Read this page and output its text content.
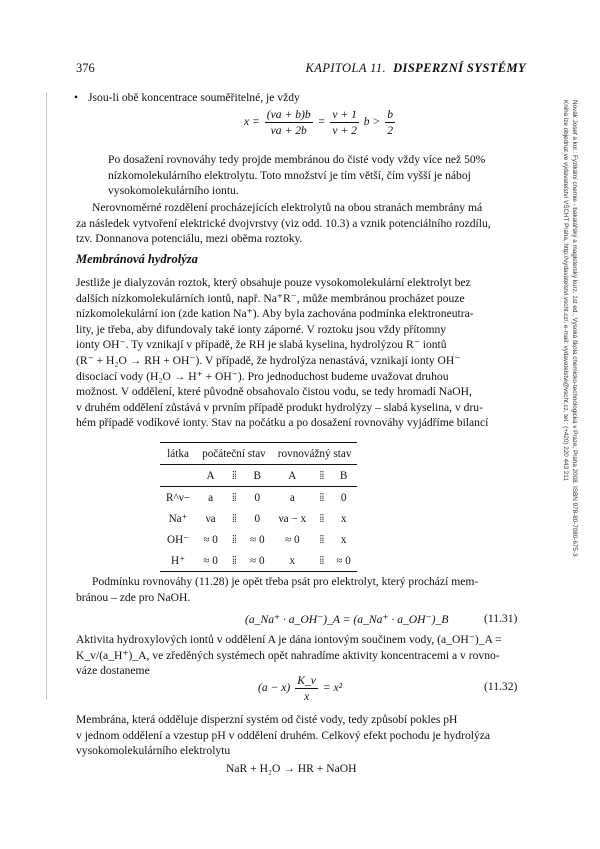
376	KAPITOLA 11. DISPERZNÍ SYSTÉMY
Novák Josef a kol.: Fyzikální chemie - bakalářský a magisterský kurz, 1st ed., Vysoká škola chemicko-technologická v Praze, Praha 2008. ISBN 978-80-7080-675-3
Kniha lze objednat ve vydavatelství VŠCHT Praha, http://vydavatelstvi.vscht.cz/, e-mail: vydavatelstvi@vscht.cz, tel.: (+420) 220 443 211
• Jsou-li obě koncentrace souměřitelné, je vždy
$x = \frac{(\nu a + b)b}{\nu a + 2b} = \frac{\nu + 1}{\nu + 2}$ $b > \frac{b}{2}$
Po dosažení rovnováhy tedy projde membránou do čisté vody vždy více než 50%
nízkomolekulárního elektrolytu. Toto množství je tím větší, čím vyšší je náboj
vysokomolekulárního iontu.
Nerovnoměrné rozdělení procházejících elektrolytů na obou stranách membrány má
za následek vytvoření elektrické dvojvrstvy (viz odd. 10.3) a vznik potenciálního rozdílu,
tzv. Donnanova potenciálu, mezi oběma roztoky.
Membránová hydrolýza
Jestliže je dialyzován roztok, který obsahuje pouze vysokomolekulární elektrolyt bez
dalších nízkomolekulárních iontů, např. Na⁺R⁻, může membránou procházet pouze
nízkomolekulární ion (zde kation Na⁺). Aby byla zachována podmínka elektroneutra-
lity, je třeba, aby difundovaly také ionty záporné. V roztoku jsou vždy přítomny
ionty OH⁻. Ty vznikají v případě, že RH je slabá kyselina, hydrolýzou R⁻ iontů
(R⁻ + H₂O → RH + OH⁻). V případě, že hydrolýza nenastává, vznikají ionty OH⁻
disociací vody (H₂O → H⁺ + OH⁻). Pro jednoduchost budeme uvažovat druhou
možnost. V oddělení, které původně obsahovalo čistou vodu, se tedy hromadí NaOH,
v druhém oddělení zůstává v prvním případě produkt hydrolýzy – slabá kyselina, v dru-
hém případě vodíkové ionty. Stav na počátku a po dosažení rovnováhy vyjádříme bilancí
látka	počáteční stav			rovnovážný stav		
	A	⁞⁞	B	A	⁞⁞	B
R^ν−	a	⁞⁞	0	a	⁞⁞	0
Na⁺	νa	⁞⁞	0	νa − x	⁞⁞	x
OH⁻	≈ 0	⁞⁞	≈ 0	≈ 0	⁞⁞	x
H⁺	≈ 0	⁞⁞	≈ 0	x	⁞⁞	≈ 0
Podmínku rovnováhy (11.28) je opět třeba psát pro elektrolyt, který prochází mem-
bránou – zde pro NaOH.
(a_Na⁺ · a_OH⁻)_A = (a_Na⁺ · a_OH⁻)_B	(11.31)
Aktivita hydroxylových iontů v oddělení A je dána iontovým součinem vody, (a_OH⁻)_A =
K_v/(a_H⁺)_A, ve zředěných systémech opět nahradíme aktivity koncentracemi a v rovno-
váze dostaneme
$(a - x) \frac{K\_v}{x} = x^2$	(11.32)
Membrána, která odděluje disperzní systém od čisté vody, tedy způsobí pokles pH
v jednom oddělení a vzestup pH v oddělení druhém. Celkový efekt pochodu je hydrolýza
vysokomolekulárního elektrolytu
NaR + H₂O → HR + NaOH
